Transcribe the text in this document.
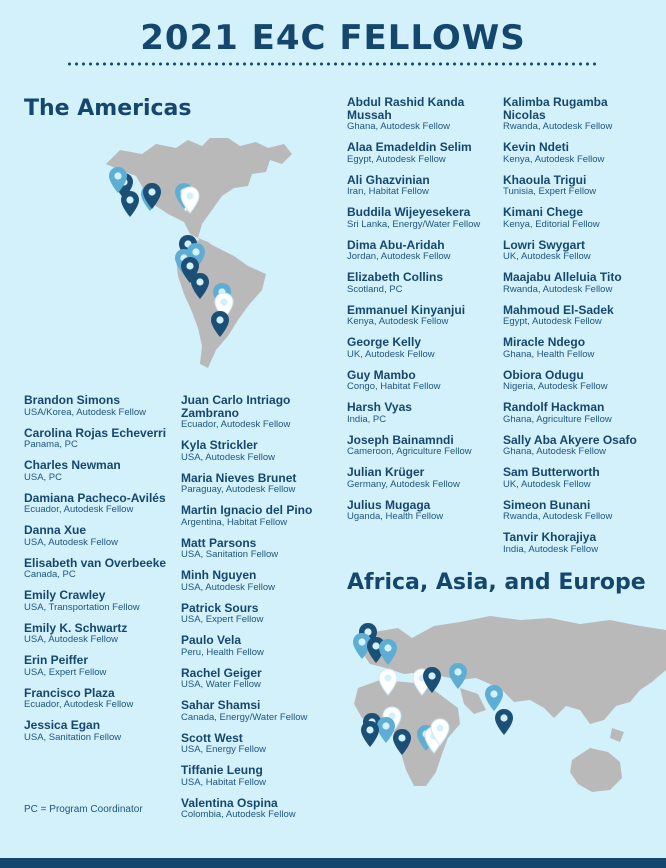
2021 E4C FELLOWS
The Americas
Africa, Asia, and Europe
Brandon Simons
USA/Korea, Autodesk Fellow
Carolina Rojas Echeverri
Panama, PC
Charles Newman
USA, PC
Damiana Pacheco-Avilés
Ecuador, Autodesk Fellow
Danna Xue
USA, Autodesk Fellow
Elisabeth van Overbeeke
Canada, PC
Emily Crawley
USA, Transportation Fellow
Emily K. Schwartz
USA, Autodesk Fellow
Erin Peiffer
USA, Expert Fellow
Francisco Plaza
Ecuador, Autodesk Fellow
Jessica Egan
USA, Sanitation Fellow
Juan Carlo Intriago Zambrano
Ecuador, Autodesk Fellow
Kyla Strickler
USA, Autodesk Fellow
Maria Nieves Brunet
Paraguay, Autodesk Fellow
Martin Ignacio del Pino
Argentina, Habitat Fellow
Matt Parsons
USA, Sanitation Fellow
Minh Nguyen
USA, Autodesk Fellow
Patrick Sours
USA, Expert Fellow
Paulo Vela
Peru, Health Fellow
Rachel Geiger
USA, Water Fellow
Sahar Shamsi
Canada, Energy/Water Fellow
Scott West
USA, Energy Fellow
Tiffanie Leung
USA, Habitat Fellow
Valentina Ospina
Colombia, Autodesk Fellow
Abdul Rashid Kanda Mussah
Ghana, Autodesk Fellow
Alaa Emadeldin Selim
Egypt, Autodesk Fellow
Ali Ghazvinian
Iran, Habitat Fellow
Buddila Wijeyesekera
Sri Lanka, Energy/Water Fellow
Dima Abu-Aridah
Jordan, Autodesk Fellow
Elizabeth Collins
Scotland, PC
Emmanuel Kinyanjui
Kenya, Autodesk Fellow
George Kelly
UK, Autodesk Fellow
Guy Mambo
Congo, Habitat Fellow
Harsh Vyas
India, PC
Joseph Bainamndi
Cameroon, Agriculture Fellow
Julian Krüger
Germany, Autodesk Fellow
Julius Mugaga
Uganda, Health Fellow
Kalimba Rugamba Nicolas
Rwanda, Autodesk Fellow
Kevin Ndeti
Kenya, Autodesk Fellow
Khaoula Trigui
Tunisia, Expert Fellow
Kimani Chege
Kenya, Editorial Fellow
Lowri Swygart
UK, Autodesk Fellow
Maajabu Alleluia Tito
Rwanda, Autodesk Fellow
Mahmoud El-Sadek
Egypt, Autodesk Fellow
Miracle Ndego
Ghana, Health Fellow
Obiora Odugu
Nigeria, Autodesk Fellow
Randolf Hackman
Ghana, Agriculture Fellow
Sally Aba Akyere Osafo
Ghana, Autodesk Fellow
Sam Butterworth
UK, Autodesk Fellow
Simeon Bunani
Rwanda, Autodesk Fellow
Tanvir Khorajiya
India, Autodesk Fellow
PC = Program Coordinator
